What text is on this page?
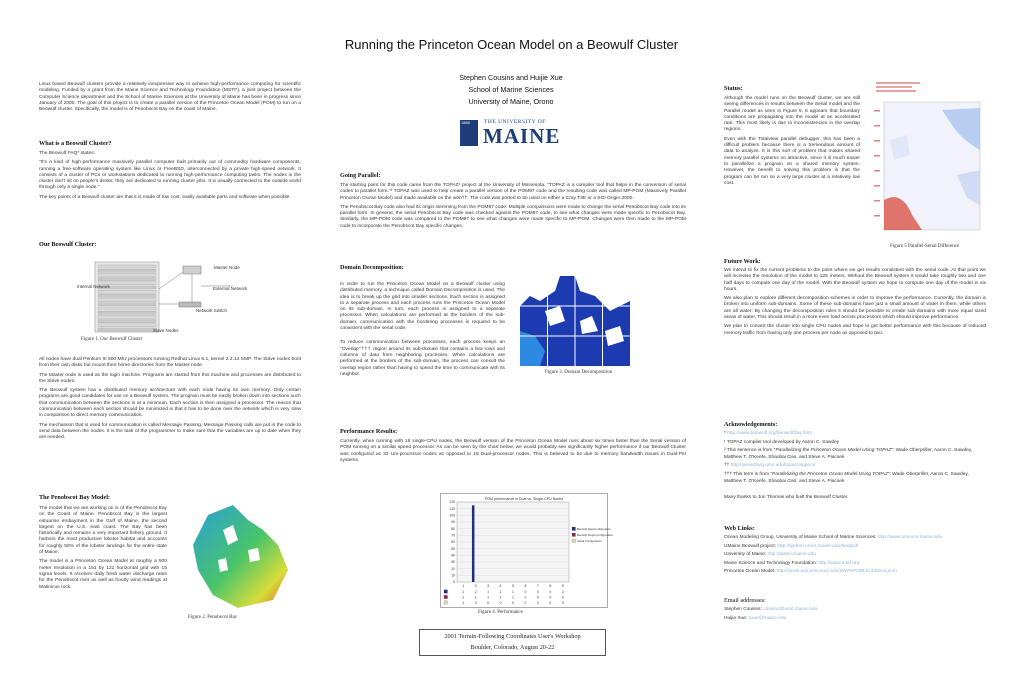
Running the Princeton Ocean Model on a Beowulf Cluster
Stephen Cousins and Huijie Xue
School of Marine Sciences
University of Maine, Orono
1865	THE UNIVERSITY OF
MAINE
Linux based Beowulf clusters provide a relatively inexpensive way to achieve high-performance computing for scientific modeling. Funded by a grant from the Maine Science and Technology Foundation (MSTF), a joint project between the Computer Science department and the School of Marine Sciences at the University of Maine has been in progress since January of 2000. The goal of this project is to create a parallel version of the Princeton Ocean Model (POM) to run on a Beowulf cluster. Specifically, the model is of Penobscot Bay on the coast of Maine.
What is a Beowulf Cluster?

The Beowulf FAQ* states:

"It's a kind of high-performance massively parallel computer built primarily out of commodity hardware components, running a free-software operating system like Linux or FreeBSD, interconnected by a private high-speed network. It consists of a cluster of PCs or workstations dedicated to running high-performance computing tasks. The nodes in the cluster don't sit on people's desks; they are dedicated to running cluster jobs. It is usually connected to the outside world through only a single node."

The key points of a Beowulf cluster are that it is made of low cost, easily available parts and software when possible.

Our Beowulf Cluster:
Master Node
Internal Network	External Network
Network Switch
Slave Nodes
Figure 1. Our Beowulf Cluster

All nodes have dual Pentium III 600 Mhz processors running Redhat Linux 6.1, kernel 2.2.14 SMP. The Slave nodes boot from their own disks but mount their home directories from the Master node.

The Master node is used as the login machine. Programs are started from this machine and processes are distributed to the Slave nodes.

The Beowulf system has a distributed memory architecture with each node having its own memory. Only certain programs are good candidates for use on a Beowulf system. The program must be easily broken down into sections such that communication between the sections is at a minimum. Each section is then assigned a processor. The reason that communication between each section should be minimized is that it has to be done over the network which is very slow in comparison to direct memory communication.

The mechanism that is used for communication is called Message Passing. Message Passing calls are put in the code to send data between the nodes. It is the task of the programmer to make sure that the variables are up to date when they are needed.

The Penobscot Bay Model:

The model that we are working on is of the Penobscot Bay on the Coast of Maine. Penobscot Bay is the largest estuarine embayment in the Gulf of Maine, the second largest on the U.S. east coast. The Bay has been historically and remains a very important fishery ground. It harbors the most productive lobster habitat and accounts for roughly 50% of the lobster landings for the entire state of Maine.

The model is a Princeton Ocean Model at roughly a 500 meter resolution in a 151 by 121 horizontal grid with 15 sigma levels. It receives daily fresh water discharge rates for the Penobscot river as well as hourly wind readings at Matinicus rock.

Figure 2. Penobscot Bay
Going Parallel:

The starting point for this code came from the TOPAZ¹ project at the University of Minnesota. "TOPAZ is a compiler tool that helps in the conversion of serial codes to parallel form."² TOPAZ was used to help create a parallel version of the POM97 code and the resulting code was called MP-POM (Massively Parallel Princeton Ocean Model) and made available on the web††. The code was ported to be used on either a Cray T3E or a SGI Origin 2000.

The Penobscot Bay code also had its origin stemming from the POM97 code. Multiple comparisons were made to change the serial Penobscot Bay code into its parallel form. In general, the serial Penobscot Bay code was checked against the POM97 code, to see what changes were made specific to Penobscot Bay. Similarly, the MP-POM code was compared to the POM97 to see what changes were made specific to MP-POM. Changes were then made to the MP-POM code to incorporate the Penobscot Bay specific changes.

Domain Decomposition:

In order to run the Princeton Ocean Model on a Beowulf cluster using distributed memory, a technique called Domain Decomposition is used. The idea is to break up the grid into smaller sections. Each section is assigned to a separate process and each process runs the Princeton Ocean Model on its sub-domain. In turn, each process is assigned to a separate processor. When calculations are performed at the borders of the sub-domain, communication with the bordering processes is required to be consistent with the serial code.

To reduce communication between processes, each process keeps an "Overlap"††† region around its sub-domain that contains a few rows and columns of data from neighboring processes. When calculations are performed at the borders of the sub-domain, the process can consult the overlap region rather than having to spend the time to communicate with its neighbor.	Figure 3. Domain Decomposition
Performance Results:
Currently, when running with 16 single-CPU nodes, the Beowulf version of the Princeton Ocean Model runs about six times faster than the Serial version of POM running on a similar speed processor. As can be seen by the chart below, we would probably see significantly higher performance if our Beowulf Cluster was configured as 32 Uni-processor nodes as opposed to 16 Dual-processor nodes. This is believed to be due to memory bandwidth issues in Dual-PIII systems.
POM performance in Dual vs. Single-CPU Nodes
120
110
100
90
80
70
60
50
40
30
20
10
0
1	2	3	4	5	6	7	8	9
1	2	1	1	1	0	0	0	2
1	1	1	1	1	0	0	0	0
1	0	0	0	0	0	0	0	0
Beowulf Dual Configuration
Beowulf Single Configuration
Serial Configuration
Figure 4. Performance
2001 Terrain-Following Coordinates User's Workshop
Boulder, Colorado, August 20-22
Status:

Although the model runs on the Beowulf cluster, we are still seeing differences in results between the Serial model and the Parallel model as seen in Figure 5. It appears that boundary conditions are propagating into the model at an accelerated rate. This most likely is due to inconsistencies in the overlap regions.

Even with the Totalview parallel debugger, this has been a difficult problem because there is a tremendous amount of data to analyze. It is this sort of problem that makes shared memory parallel systems so attractive, since it is much easier to parallelize a program on a shared memory system. However, the benefit to solving this problem is that the program can be run on a very large cluster at a relatively low cost.

Figure 5 Parallel-Serial Difference
Future Work:

We intend to fix the current problems to the point where we get results consistent with the serial code. At that point we will increase the resolution of the model to 125 meters. Without the Beowulf system it would take roughly two and one half days to compute one day of the model. With the Beowulf system we hope to compute one day of the model in six hours.

We also plan to explore different decomposition schemes in order to improve the performance. Currently, the domain is broken into uniform sub-domains. Some of these sub-domains have just a small amount of water in them, while others are all water. By changing the decomposition rules it should be possible to create sub-domains with more equal sized areas of water. This should result in a more even load across processors which should improve performance.

We plan to convert the cluster into single CPU nodes and hope to get better performance with this because of reduced memory traffic from having only one process per node as opposed to two.

Acknowledgements:
* http://www.beowulf.org/beowulf/faq.html
¹ TOPAZ compiler tool developed by Aaron C. Sawdey
² This sentence is from "Parallelizing the Princeton Ocean Model Using TOPAZ"; Wade Oberpriller, Aaron C. Sawdey, Matthew T. O'Keefe, Shaobai Gao, and Steve A. Piacsek
†† http://www.borg.umn.edu/topaz/mppom/
††† This term is from "Parallelizing the Princeton Ocean Model Using TOPAZ"; Wade Oberpriller, Aaron C. Sawdey, Matthew T. O'Keefe, Shaobai Gao, and Steve A. Piacsek
Many thanks to Jon Thomas who built the Beowulf Cluster.
Web Links:
Ocean Modeling Group, University of Maine School of Marine Sciences: http://www.umeoce.maine.edu
UMaine Beowulf project: http://typhon.umcs.maine.edu/beowulf
University of Maine: http://www.umaine.edu
Maine Science and Technology Foundation: http://www.mstf.org
Princeton Ocean Model: http://www.aos.princeton.edu/WWWPUBLIC/htdocs.pom
Email addresses:
Stephen Cousins: cousins@umit.maine.edu
Huijie Xue: hxue@maine.edu
